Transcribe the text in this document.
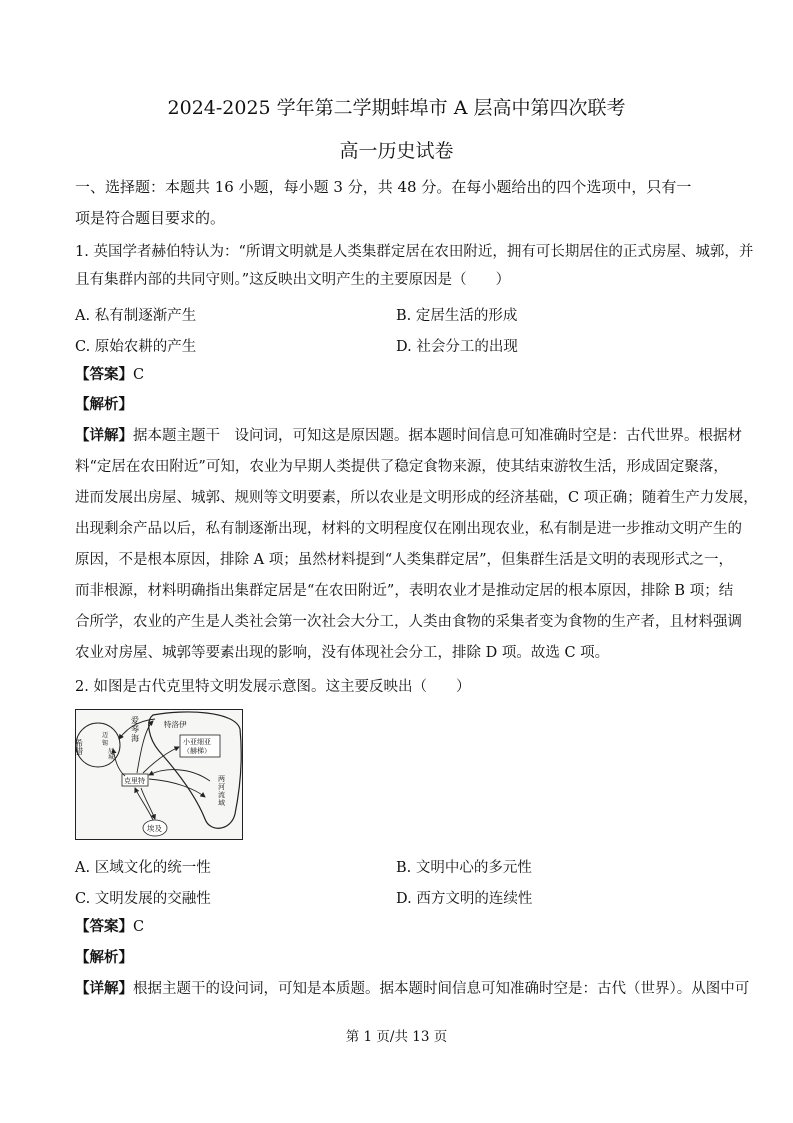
2024-2025 学年第二学期蚌埠市 A 层高中第四次联考
高一历史试卷
一、选择题：本题共 16 小题，每小题 3 分，共 48 分。在每小题给出的四个选项中，只有一
项是符合题目要求的。
1. 英国学者赫伯特认为：“所谓文明就是人类集群定居在农田附近，拥有可长期居住的正式房屋、城郭，并
且有集群内部的共同守则。”这反映出文明产生的主要原因是（　　）
A. 私有制逐渐产生	B. 定居生活的形成
C. 原始农耕的产生	D. 社会分工的出现
【答案】C
【解析】
【详解】据本题主题干　设问词，可知这是原因题。据本题时间信息可知准确时空是：古代世界。根据材
料“定居在农田附近”可知，农业为早期人类提供了稳定食物来源，使其结束游牧生活，形成固定聚落，
进而发展出房屋、城郭、规则等文明要素，所以农业是文明形成的经济基础，C 项正确；随着生产力发展，
出现剩余产品以后，私有制逐渐出现，材料的文明程度仅在刚出现农业，私有制是进一步推动文明产生的
原因，不是根本原因，排除 A 项；虽然材料提到“人类集群定居”，但集群生活是文明的表现形式之一，
而非根源，材料明确指出集群定居是“在农田附近”，表明农业才是推动定居的根本原因，排除 B 项；结
合所学，农业的产生是人类社会第一次社会大分工，人类由食物的采集者变为食物的生产者，且材料强调
农业对房屋、城郭等要素出现的影响，没有体现社会分工，排除 D 项。故选 C 项。
2. 如图是古代克里特文明发展示意图。这主要反映出（　　）
希腊
迈
锡
尼
城
爱
琴
海
特洛伊
小亚细亚
（赫梯）
克里特	两
河
流
域
埃及
A. 区域文化的统一性	B. 文明中心的多元性
C. 文明发展的交融性	D. 西方文明的连续性
【答案】C
【解析】
【详解】根据主题干的设问词，可知是本质题。据本题时间信息可知准确时空是：古代（世界）。从图中可
第 1 页/共 13 页
